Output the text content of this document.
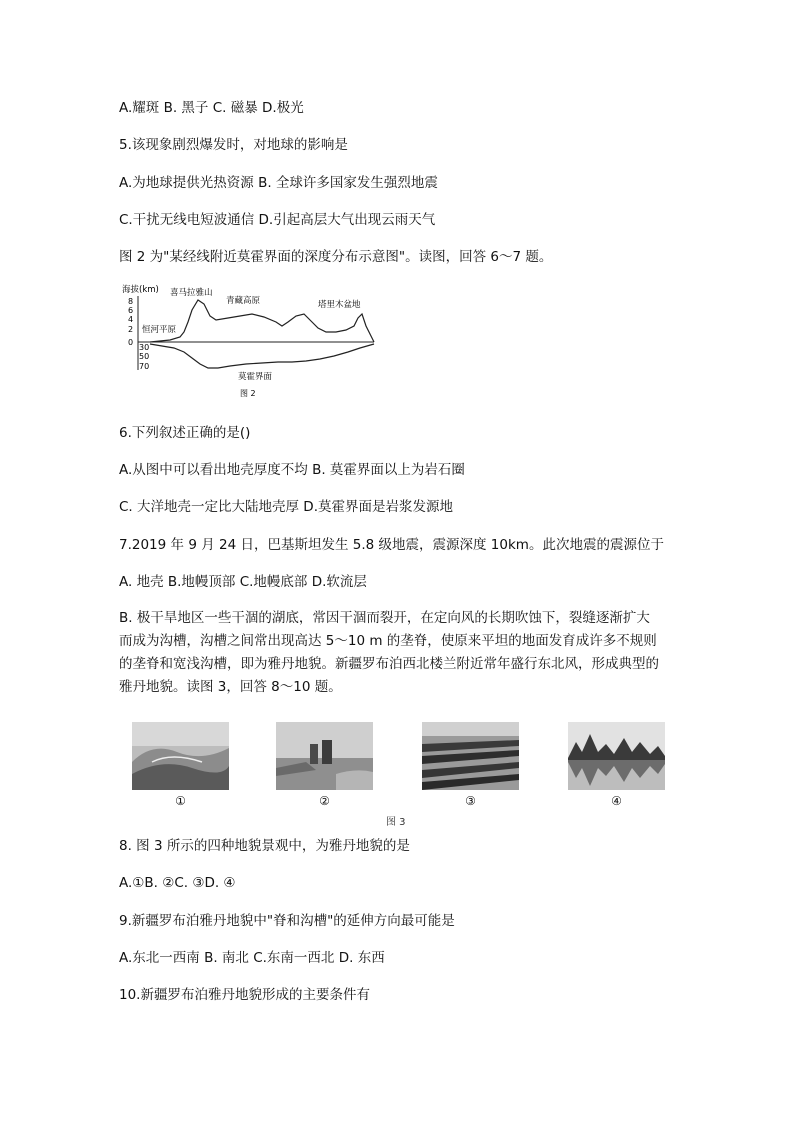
A.耀斑 B. 黑子 C. 磁暴 D.极光
5.该现象剧烈爆发时，对地球的影响是
A.为地球提供光热资源 B. 全球许多国家发生强烈地震
C.干扰无线电短波通信 D.引起高层大气出现云雨天气
图 2 为"某经线附近莫霍界面的深度分布示意图"。读图，回答 6～7 题。
海拔(km)
8
6
4
2
0
30
50
70
喜马拉雅山
青藏高原	塔里木盆地
恒河平原
莫霍界面
图 2
6.下列叙述正确的是()
A.从图中可以看出地壳厚度不均 B. 莫霍界面以上为岩石圈
C. 大洋地壳一定比大陆地壳厚 D.莫霍界面是岩浆发源地
7.2019 年 9 月 24 日，巴基斯坦发生 5.8 级地震，震源深度 10km。此次地震的震源位于
A. 地壳 B.地幔顶部 C.地幔底部 D.软流层
B. 极干旱地区一些干涸的湖底，常因干涸而裂开，在定向风的长期吹蚀下，裂缝逐渐扩大
而成为沟槽，沟槽之间常出现高达 5～10 m 的垄脊，使原来平坦的地面发育成许多不规则
的垄脊和宽浅沟槽，即为雅丹地貌。新疆罗布泊西北楼兰附近常年盛行东北风，形成典型的
雅丹地貌。读图 3，回答 8～10 题。
①	②	③	④
图 3
8. 图 3 所示的四种地貌景观中，为雅丹地貌的是
A.①B. ②C. ③D. ④
9.新疆罗布泊雅丹地貌中"脊和沟槽"的延伸方向最可能是
A.东北一西南 B. 南北 C.东南一西北 D. 东西
10.新疆罗布泊雅丹地貌形成的主要条件有
